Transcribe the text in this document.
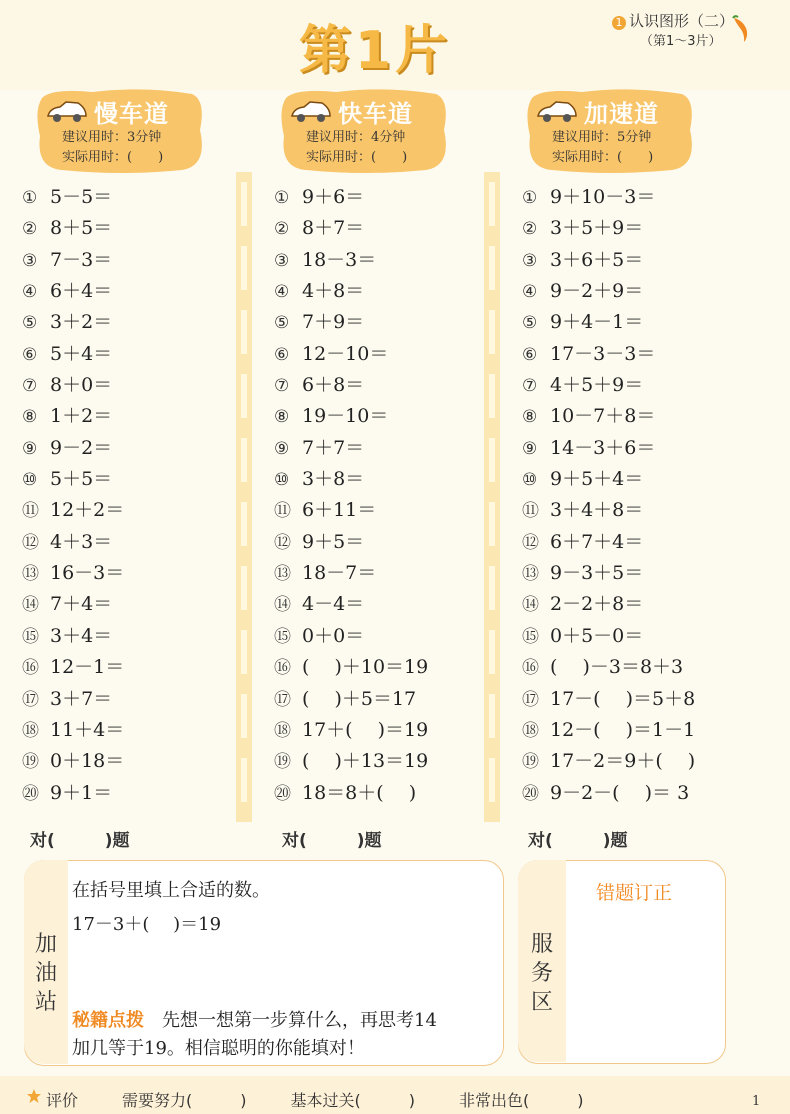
第1片	1 认识图形（二）
（第1～3片）
慢车道
建议用时：3分钟
实际用时：(　　)
快车道
建议用时：4分钟
实际用时：(　　)
加速道
建议用时：5分钟
实际用时：(　　)
① 5－5＝
② 8＋5＝
③ 7－3＝
④ 6＋4＝
⑤ 3＋2＝
⑥ 5＋4＝
⑦ 8＋0＝
⑧ 1＋2＝
⑨ 9－2＝
⑩ 5＋5＝
⑪ 12＋2＝
⑫ 4＋3＝
⑬ 16－3＝
⑭ 7＋4＝
⑮ 3＋4＝
⑯ 12－1＝
⑰ 3＋7＝
⑱ 11＋4＝
⑲ 0＋18＝
⑳ 9＋1＝
① 9＋6＝
② 8＋7＝
③ 18－3＝
④ 4＋8＝
⑤ 7＋9＝
⑥ 12－10＝
⑦ 6＋8＝
⑧ 19－10＝
⑨ 7＋7＝
⑩ 3＋8＝
⑪ 6＋11＝
⑫ 9＋5＝
⑬ 18－7＝
⑭ 4－4＝
⑮ 0＋0＝
⑯ (　 )＋10＝19
⑰ (　 )＋5＝17
⑱ 17＋(　 )＝19
⑲ (　 )＋13＝19
⑳ 18＝8＋(　 )
① 9＋10－3＝
② 3＋5＋9＝
③ 3＋6＋5＝
④ 9－2＋9＝
⑤ 9＋4－1＝
⑥ 17－3－3＝
⑦ 4＋5＋9＝
⑧ 10－7＋8＝
⑨ 14－3＋6＝
⑩ 9＋5＋4＝
⑪ 3＋4＋8＝
⑫ 6＋7＋4＝
⑬ 9－3＋5＝
⑭ 2－2＋8＝
⑮ 0＋5－0＝
⑯ (　 )－3＝8＋3
⑰ 17－(　 )＝5＋8
⑱ 12－(　 )＝1－1
⑲ 17－2＝9＋(　 )
⑳ 9－2－(　 )＝ 3
对(	)题	对(	)题	对(	)题
加油站
在括号里填上合适的数。
17－3＋(　 )＝19
秘籍点拨　 先想一想第一步算什么，再思考14
加几等于19。相信聪明的你能填对！
服务区
错题订正
评价	需要努力(　　　)	基本过关(　　　)	非常出色(　　　)	1
